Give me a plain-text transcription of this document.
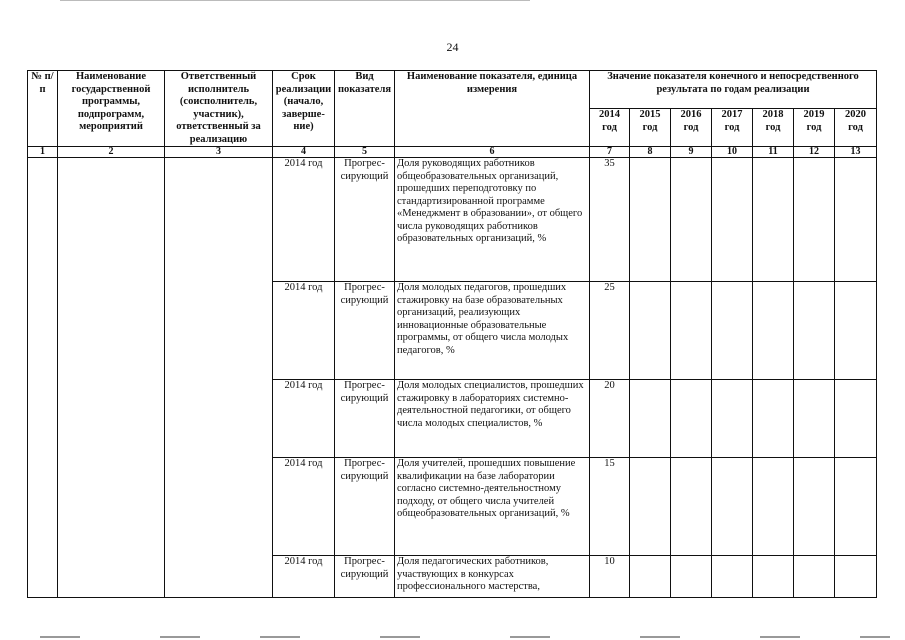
24
№ п/п	Наименование государственной программы, подпрограмм, мероприятий	Ответственный исполнитель (соисполнитель, участник), ответственный за реализацию	Срок реализации (начало, заверше-ние)	Вид показателя	Наименование показателя, единица измерения	Значение показателя конечного и непосредственного результата по годам реализации						
						2014 год	2015 год	2016 год	2017 год	2018 год	2019 год	2020 год
1	2	3	4	5	6	7	8	9	10	11	12	13
			2014 год	Прогрес-сирующий	Доля руководящих работников общеобразовательных организаций, прошедших переподготовку по стандартизированной программе «Менеджмент в образовании», от общего числа руководящих работников образовательных организаций, %	35						
			2014 год	Прогрес-сирующий	Доля молодых педагогов, прошедших стажировку на базе образовательных организаций, реализующих инновационные образовательные программы, от общего числа молодых педагогов, %	25						
			2014 год	Прогрес-сирующий	Доля молодых специалистов, прошедших стажировку в лабораториях системно-деятельностной педагогики, от общего числа молодых специалистов, %	20						
			2014 год	Прогрес-сирующий	Доля учителей, прошедших повышение квалификации на базе лаборатории согласно системно-деятельностному подходу, от общего числа учителей общеобразовательных организаций, %	15						
			2014 год	Прогрес-сирующий	Доля педагогических работников, участвующих в конкурсах профессионального мастерства,	10						
